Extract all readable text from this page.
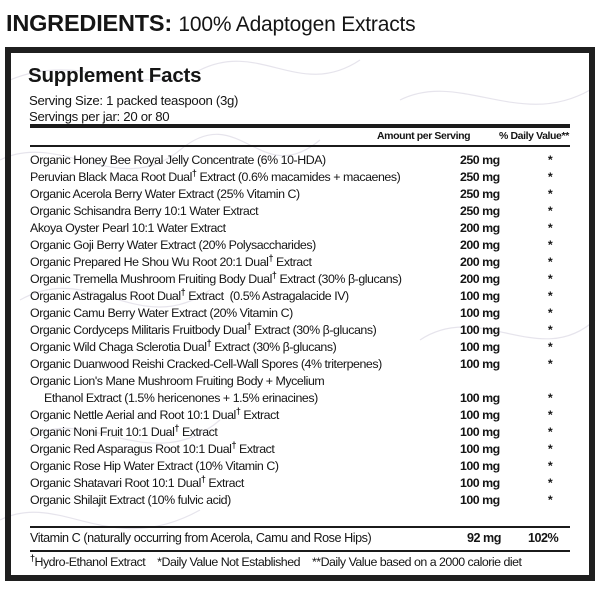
INGREDIENTS: 100% Adaptogen Extracts
Supplement Facts
Serving Size: 1 packed teaspoon (3g)
Servings per jar: 20 or 80
Amount per Serving	% Daily Value**
Organic Honey Bee Royal Jelly Concentrate (6% 10-HDA)	250 mg	*
Peruvian Black Maca Root Dual† Extract (0.6% macamides + macaenes)	250 mg	*
Organic Acerola Berry Water Extract (25% Vitamin C)	250 mg	*
Organic Schisandra Berry 10:1 Water Extract	250 mg	*
Akoya Oyster Pearl 10:1 Water Extract	200 mg	*
Organic Goji Berry Water Extract (20% Polysaccharides)	200 mg	*
Organic Prepared He Shou Wu Root 20:1 Dual† Extract	200 mg	*
Organic Tremella Mushroom Fruiting Body Dual† Extract (30% β-glucans)	200 mg	*
Organic Astragalus Root Dual† Extract  (0.5% Astragalacide IV)	100 mg	*
Organic Camu Berry Water Extract (20% Vitamin C)	100 mg	*
Organic Cordyceps Militaris Fruitbody Dual† Extract (30% β-glucans)	100 mg	*
Organic Wild Chaga Sclerotia Dual† Extract (30% β-glucans)	100 mg	*
Organic Duanwood Reishi Cracked-Cell-Wall Spores (4% triterpenes)	100 mg	*
Organic Lion's Mane Mushroom Fruiting Body + Mycelium
Ethanol Extract (1.5% hericenones + 1.5% erinacines)	100 mg	*
Organic Nettle Aerial and Root 10:1 Dual† Extract	100 mg	*
Organic Noni Fruit 10:1 Dual† Extract	100 mg	*
Organic Red Asparagus Root 10:1 Dual† Extract	100 mg	*
Organic Rose Hip Water Extract (10% Vitamin C)	100 mg	*
Organic Shatavari Root 10:1 Dual† Extract	100 mg	*
Organic Shilajit Extract (10% fulvic acid)	100 mg	*
Vitamin C (naturally occurring from Acerola, Camu and Rose Hips)	92 mg 102%
†Hydro-Ethanol Extract *Daily Value Not Established **Daily Value based on a 2000 calorie diet
